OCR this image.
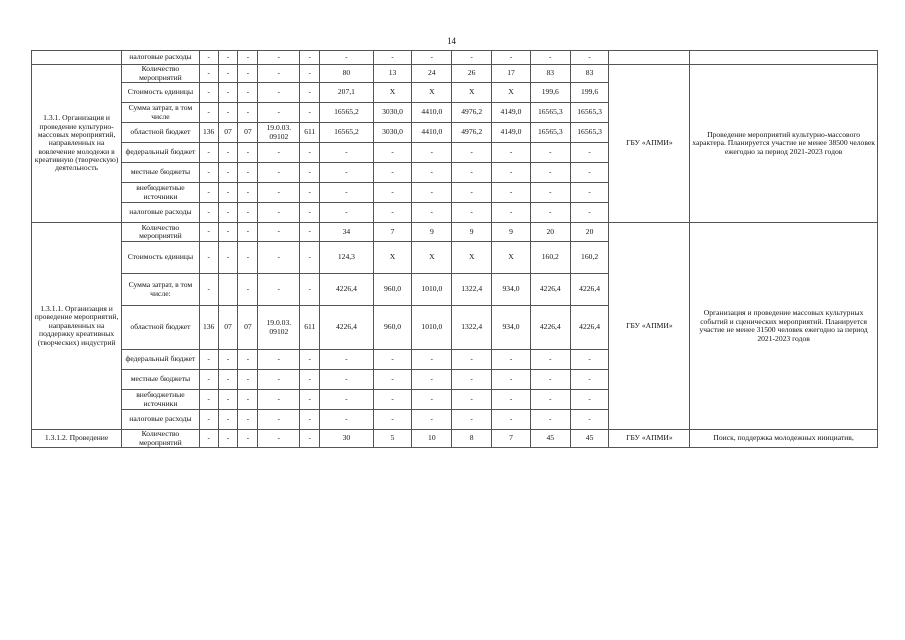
14
	налоговые расходы	-	-	-	-	-	-	-	-	-	-	-	-		
1.3.1. Организация и проведение культурно-массовых мероприятий, направленных на вовлечение молодежи в креативную (творческую) деятельность	Количество мероприятий	-	-	-	-	-	80	13	24	26	17	83	83	ГБУ «АПМИ»	Проведение мероприятий культурно-массового характера. Планируется участие не менее 38500 человек ежегодно за период 2021-2023 годов
	Стоимость единицы	-	-	-	-	-	207,1	X	X	X	X	199,6	199,6		
	Сумма затрат, в том числе	-	-	-	-	-	16565,2	3030,0	4410,0	4976,2	4149,0	16565,3	16565,3		
	областной бюджет	136	07	07	19.0.03. 09102	611	16565,2	3030,0	4410,0	4976,2	4149,0	16565,3	16565,3		
	федеральный бюджет	-	-	-	-	-	-	-	-	-	-	-	-		
	местные бюджеты	-	-	-	-	-	-	-	-	-	-	-	-		
	внебюджетные источники	-	-	-	-	-	-	-	-	-	-	-	-		
	налоговые расходы	-	-	-	-	-	-	-	-	-	-	-	-		
1.3.1.1. Организация и проведение мероприятий, направленных на поддержку креативных (творческих) индустрий	Количество мероприятий	-	-	-	-	-	34	7	9	9	9	20	20	ГБУ «АПМИ»	Организация и проведение массовых культурных событий и сценических мероприятий. Планируется участие не менее 31500 человек ежегодно за период 2021-2023 годов
	Стоимость единицы	-	-	-	-	-	124,3	X	X	X	X	160,2	160,2		
	Сумма затрат, в том числе:	-		-	-	-	4226,4	960,0	1010,0	1322,4	934,0	4226,4	4226,4		
	областной бюджет	136	07	07	19.0.03. 09102	611	4226,4	960,0	1010,0	1322,4	934,0	4226,4	4226,4		
	федеральный бюджет	-	-	-	-	-	-	-	-	-	-	-	-		
	местные бюджеты	-	-	-	-	-	-	-	-	-	-	-	-		
	внебюджетные источники	-	-	-	-	-	-	-	-	-	-	-	-		
	налоговые расходы	-	-	-	-	-	-	-	-	-	-	-	-		
1.3.1.2. Проведение	Количество мероприятий	-	-	-	-	-	30	5	10	8	7	45	45	ГБУ «АПМИ»	Поиск, поддержка молодежных инициатив,
